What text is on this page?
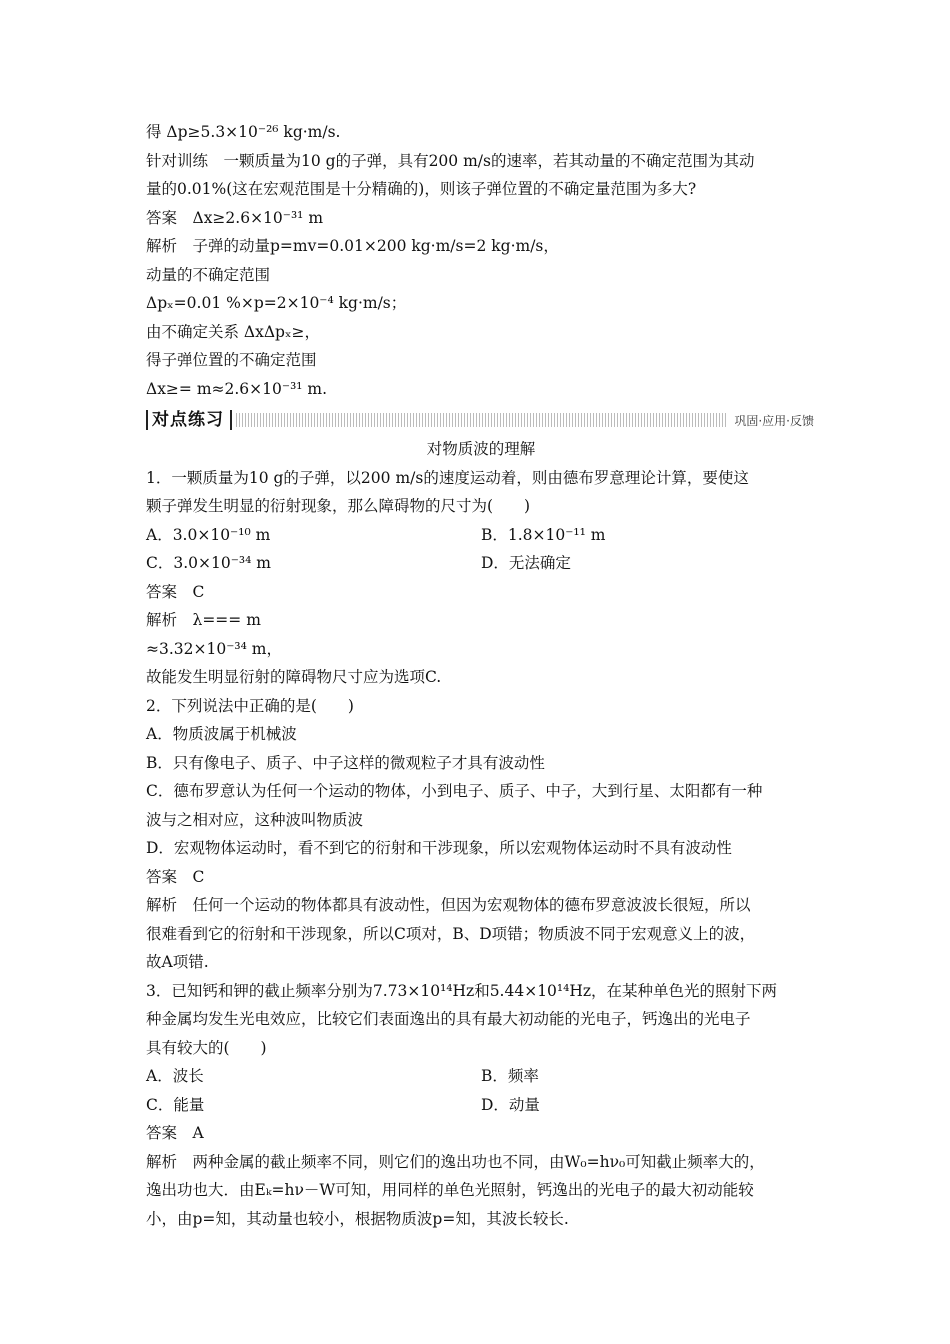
得 Δp≥5.3×10⁻²⁶ kg·m/s.
针对训练　一颗质量为10 g的子弹，具有200 m/s的速率，若其动量的不确定范围为其动
量的0.01%(这在宏观范围是十分精确的)，则该子弹位置的不确定量范围为多大?
答案　Δx≥2.6×10⁻³¹ m
解析　子弹的动量p=mv=0.01×200 kg·m/s=2 kg·m/s，
动量的不确定范围
Δpₓ=0.01 %×p=2×10⁻⁴ kg·m/s；
由不确定关系 ΔxΔpₓ≥，
得子弹位置的不确定范围
Δx≥= m≈2.6×10⁻³¹ m.
对点练习	巩固·应用·反馈
对物质波的理解
1．一颗质量为10 g的子弹，以200 m/s的速度运动着，则由德布罗意理论计算，要使这
颗子弹发生明显的衍射现象，那么障碍物的尺寸为(　　)
A．3.0×10⁻¹⁰ m	B．1.8×10⁻¹¹ m
C．3.0×10⁻³⁴ m	D．无法确定
答案　C
解析　λ=== m
≈3.32×10⁻³⁴ m，
故能发生明显衍射的障碍物尺寸应为选项C.
2．下列说法中正确的是(　　)
A．物质波属于机械波
B．只有像电子、质子、中子这样的微观粒子才具有波动性
C．德布罗意认为任何一个运动的物体，小到电子、质子、中子，大到行星、太阳都有一种
波与之相对应，这种波叫物质波
D．宏观物体运动时，看不到它的衍射和干涉现象，所以宏观物体运动时不具有波动性
答案　C
解析　任何一个运动的物体都具有波动性，但因为宏观物体的德布罗意波波长很短，所以
很难看到它的衍射和干涉现象，所以C项对，B、D项错；物质波不同于宏观意义上的波，
故A项错.
3．已知钙和钾的截止频率分别为7.73×10¹⁴Hz和5.44×10¹⁴Hz，在某种单色光的照射下两
种金属均发生光电效应，比较它们表面逸出的具有最大初动能的光电子，钙逸出的光电子
具有较大的(　　)
A．波长	B．频率
C．能量	D．动量
答案　A
解析　两种金属的截止频率不同，则它们的逸出功也不同，由W₀=hν₀可知截止频率大的，
逸出功也大．由Eₖ=hν－W可知，用同样的单色光照射，钙逸出的光电子的最大初动能较
小，由p=知，其动量也较小，根据物质波p=知，其波长较长.
